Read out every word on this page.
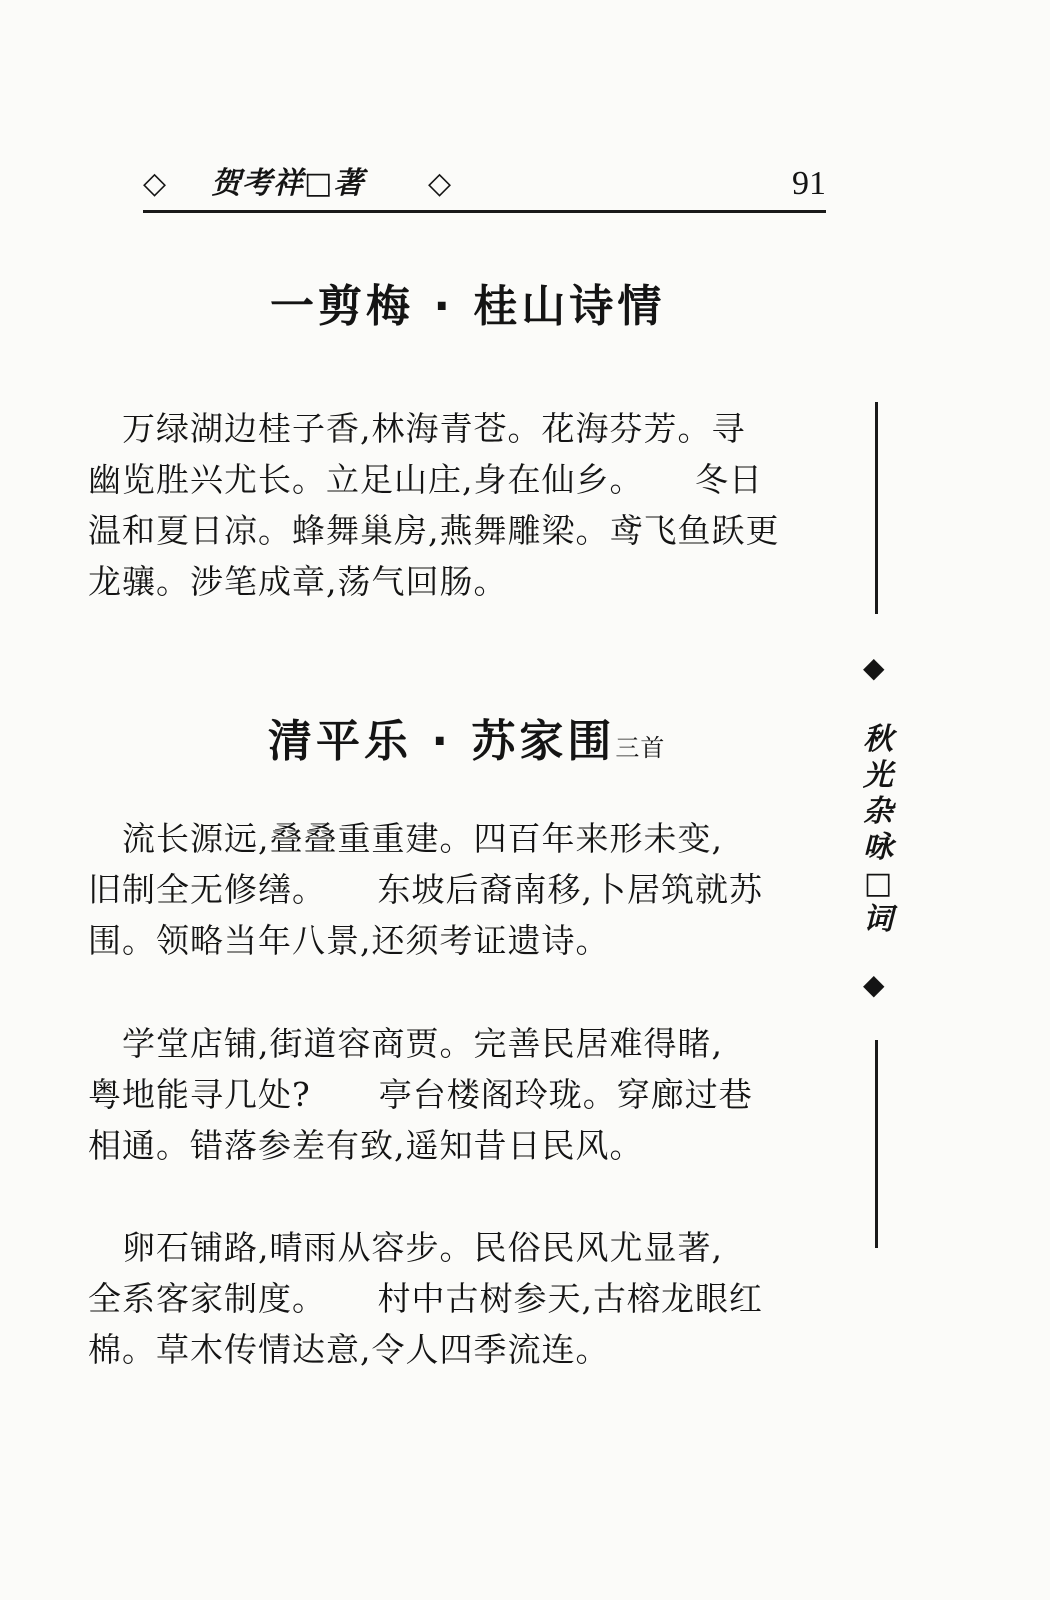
◇ 贺考祥□著 ◇	91
一剪梅 · 桂山诗情
　万绿湖边桂子香,林海青苍。花海芬芳。寻
幽览胜兴尤长。立足山庄,身在仙乡。　　冬日
温和夏日凉。蜂舞巢房,燕舞雕梁。鸢飞鱼跃更
龙骧。涉笔成章,荡气回肠。
清平乐 · 苏家围三首
　流长源远,叠叠重重建。四百年来形未变,
旧制全无修缮。　　东坡后裔南移,卜居筑就苏
围。领略当年八景,还须考证遗诗。
　学堂店铺,街道容商贾。完善民居难得睹,
粤地能寻几处?　　亭台楼阁玲珑。穿廊过巷
相通。错落参差有致,遥知昔日民风。
　卵石铺路,晴雨从容步。民俗民风尤显著,
全系客家制度。　　村中古树参天,古榕龙眼红
棉。草木传情达意,令人四季流连。
◆
秋
光
杂
咏
□
词
◆
